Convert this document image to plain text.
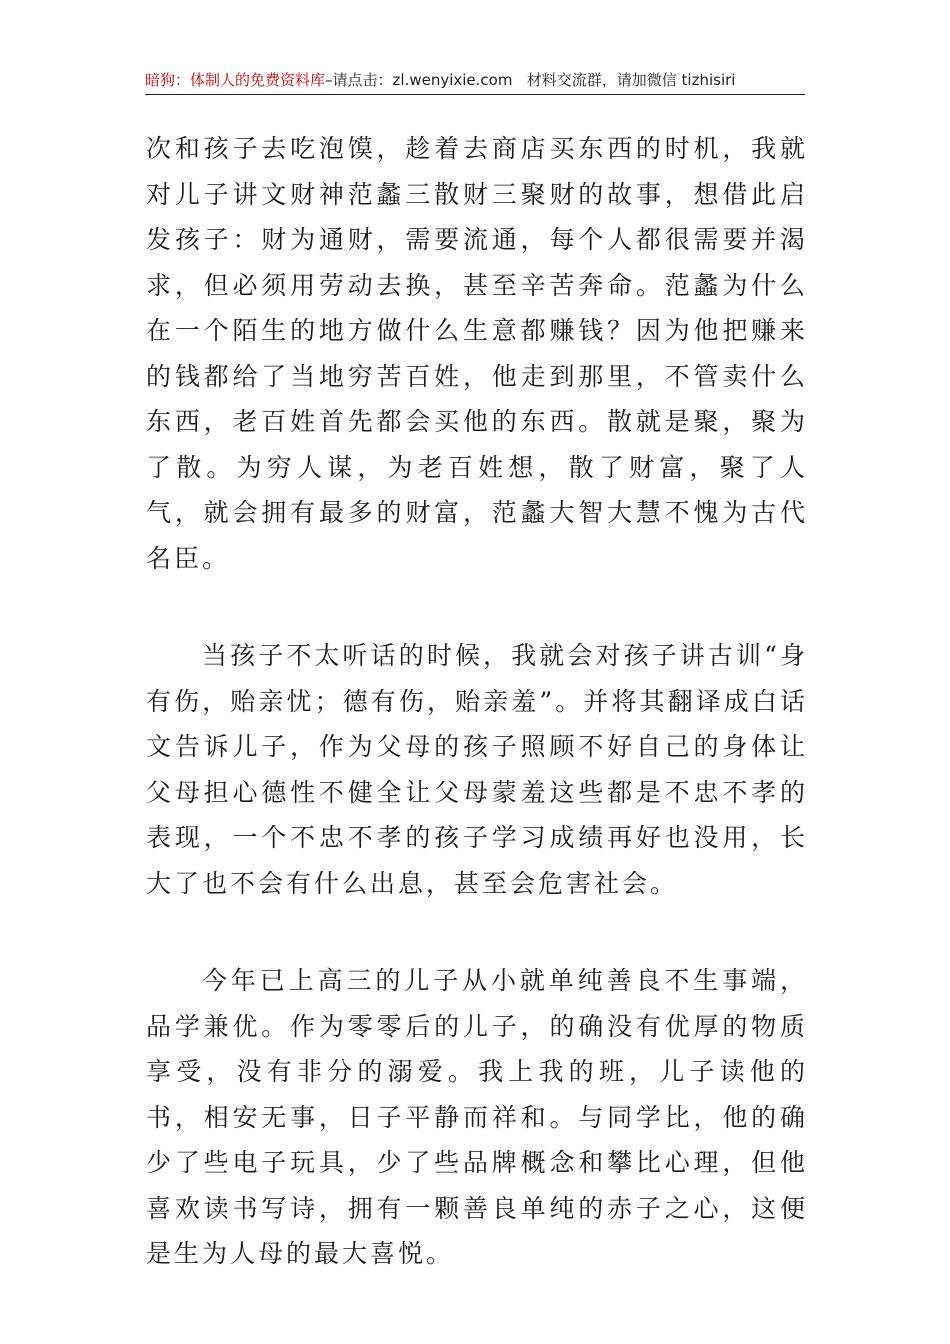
暗狗：体制人的免费资料库–请点击：zl.wenyixie.com 材料交流群，请加微信 tizhisiri

次和孩子去吃泡馍，趁着去商店买东西的时机，我就对儿子讲文财神范蠡三散财三聚财的故事，想借此启发孩子：财为通财，需要流通，每个人都很需要并渴求，但必须用劳动去换，甚至辛苦奔命。范蠡为什么在一个陌生的地方做什么生意都赚钱？因为他把赚来的钱都给了当地穷苦百姓，他走到那里，不管卖什么东西，老百姓首先都会买他的东西。散就是聚，聚为了散。为穷人谋，为老百姓想，散了财富，聚了人气，就会拥有最多的财富，范蠡大智大慧不愧为古代名臣。

当孩子不太听话的时候，我就会对孩子讲古训“身有伤，贻亲忧；德有伤，贻亲羞”。并将其翻译成白话文告诉儿子，作为父母的孩子照顾不好自己的身体让父母担心德性不健全让父母蒙羞这些都是不忠不孝的表现，一个不忠不孝的孩子学习成绩再好也没用，长大了也不会有什么出息，甚至会危害社会。

今年已上高三的儿子从小就单纯善良不生事端，品学兼优。作为零零后的儿子，的确没有优厚的物质享受，没有非分的溺爱。我上我的班，儿子读他的书，相安无事，日子平静而祥和。与同学比，他的确少了些电子玩具，少了些品牌概念和攀比心理，但他喜欢读书写诗，拥有一颗善良单纯的赤子之心，这便是生为人母的最大喜悦。
